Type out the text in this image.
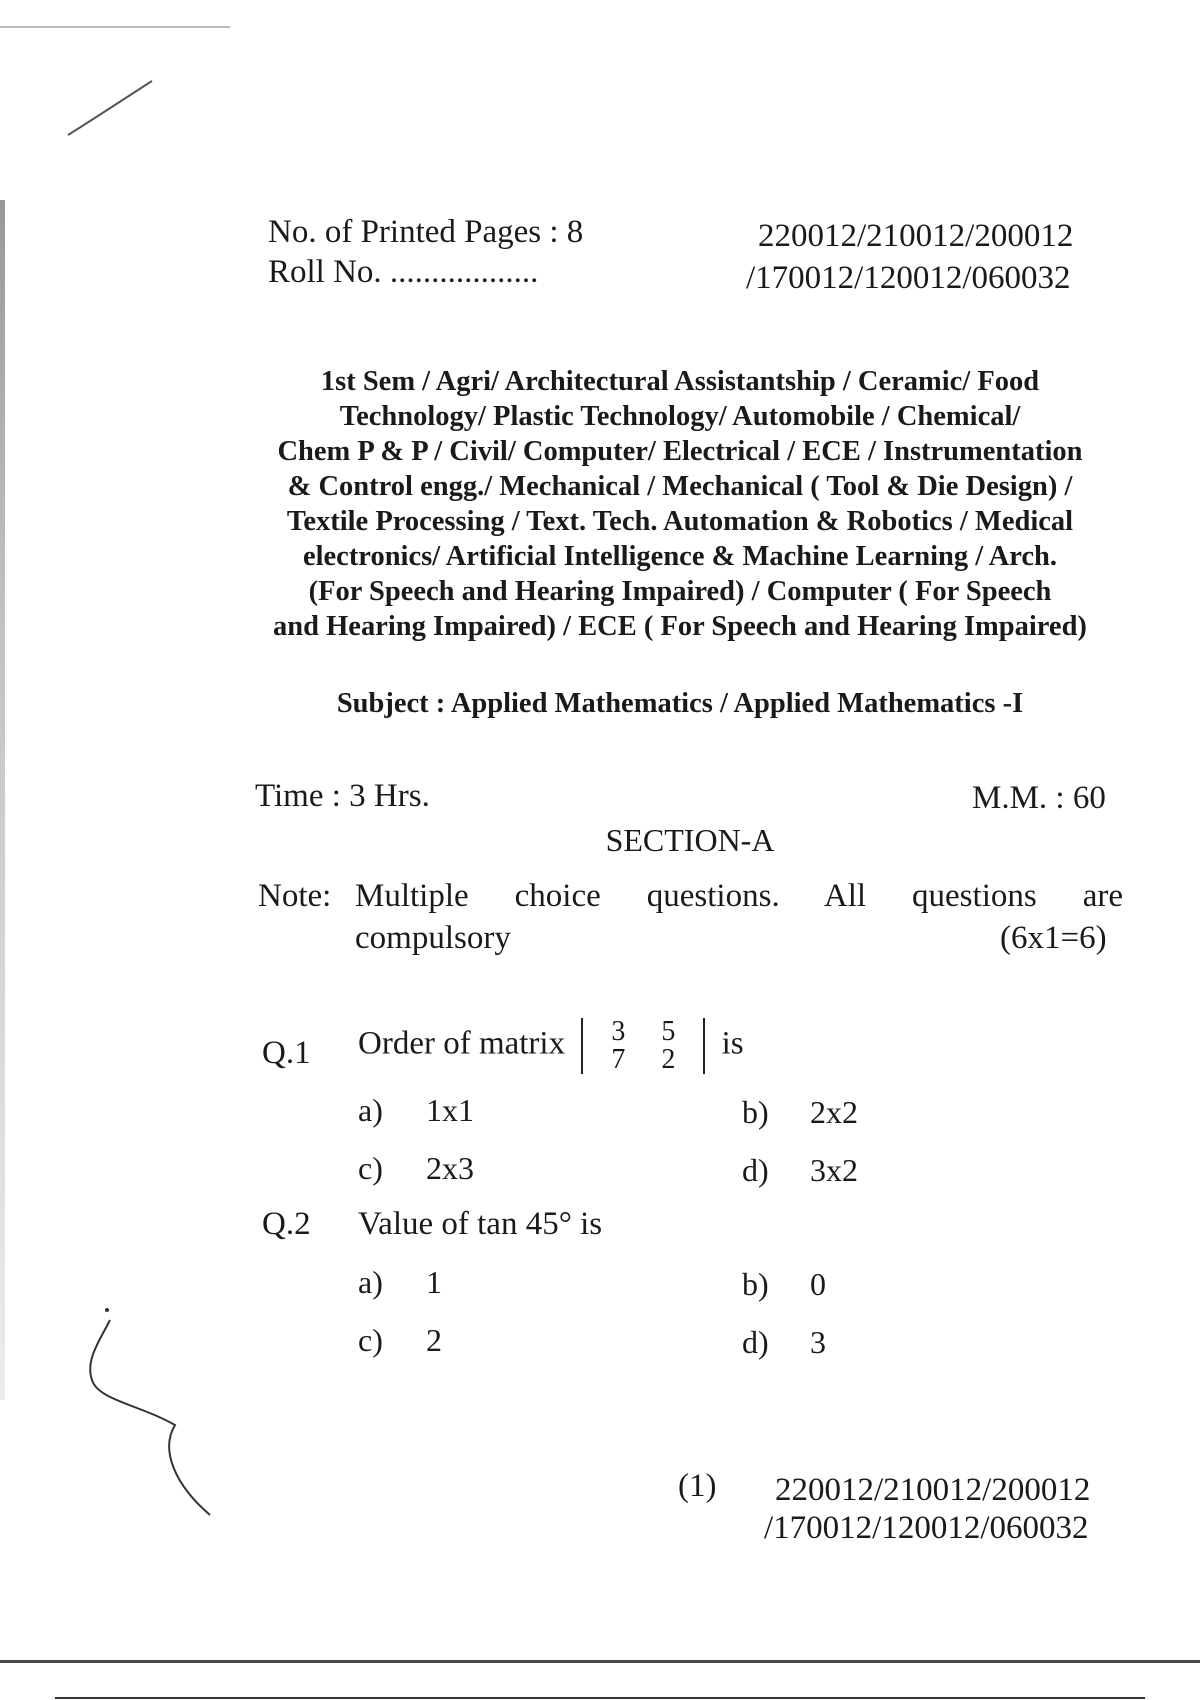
No. of Printed Pages : 8
Roll No. ..................
220012/210012/200012
/170012/120012/060032
1st Sem / Agri/ Architectural Assistantship / Ceramic/ Food
Technology/ Plastic Technology/ Automobile / Chemical/
Chem P & P / Civil/ Computer/ Electrical / ECE / Instrumentation
& Control engg./ Mechanical / Mechanical ( Tool & Die Design) /
Textile Processing / Text. Tech. Automation & Robotics / Medical
electronics/ Artificial Intelligence & Machine Learning / Arch.
(For Speech and Hearing Impaired) / Computer ( For Speech
and Hearing Impaired) / ECE ( For Speech and Hearing Impaired)
Subject : Applied Mathematics / Applied Mathematics -I
Time : 3 Hrs.	M.M. : 60
SECTION-A
Note: Multiple choice questions. All questions are
compulsory	(6x1=6)
Q.1 Order of matrix	3 5
7 2	is
a) 1x1	b) 2x2
c) 2x3	d) 3x2
Q.2 Value of tan 45° is
a) 1	b) 0
c) 2	d) 3
(1) 220012/210012/200012
/170012/120012/060032
